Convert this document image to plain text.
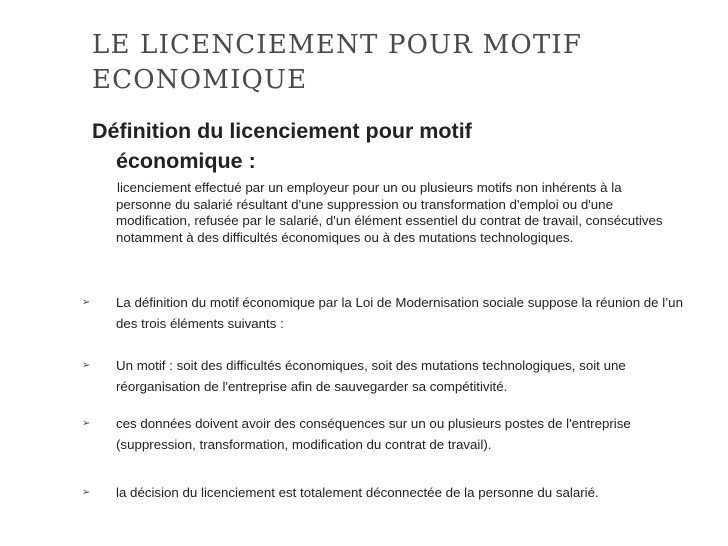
LE LICENCIEMENT POUR MOTIF ECONOMIQUE
Définition du licenciement pour motif
économique :

licenciement effectué par un employeur pour un ou plusieurs motifs non inhérents à la personne du salarié résultant d'une suppression ou transformation d'emploi ou d'une modification, refusée par le salarié, d'un élément essentiel du contrat de travail, consécutives notamment à des difficultés économiques ou à des mutations technologiques.

➢	La définition du motif économique par la Loi de Modernisation sociale suppose la réunion de l’un des trois éléments suivants :
➢	Un motif : soit des difficultés économiques, soit des mutations technologiques, soit une réorganisation de l'entreprise afin de sauvegarder sa compétitivité.
➢	ces données doivent avoir des conséquences sur un ou plusieurs postes de l'entreprise (suppression, transformation, modification du contrat de travail).
➢	la décision du licenciement est totalement déconnectée de la personne du salarié.
